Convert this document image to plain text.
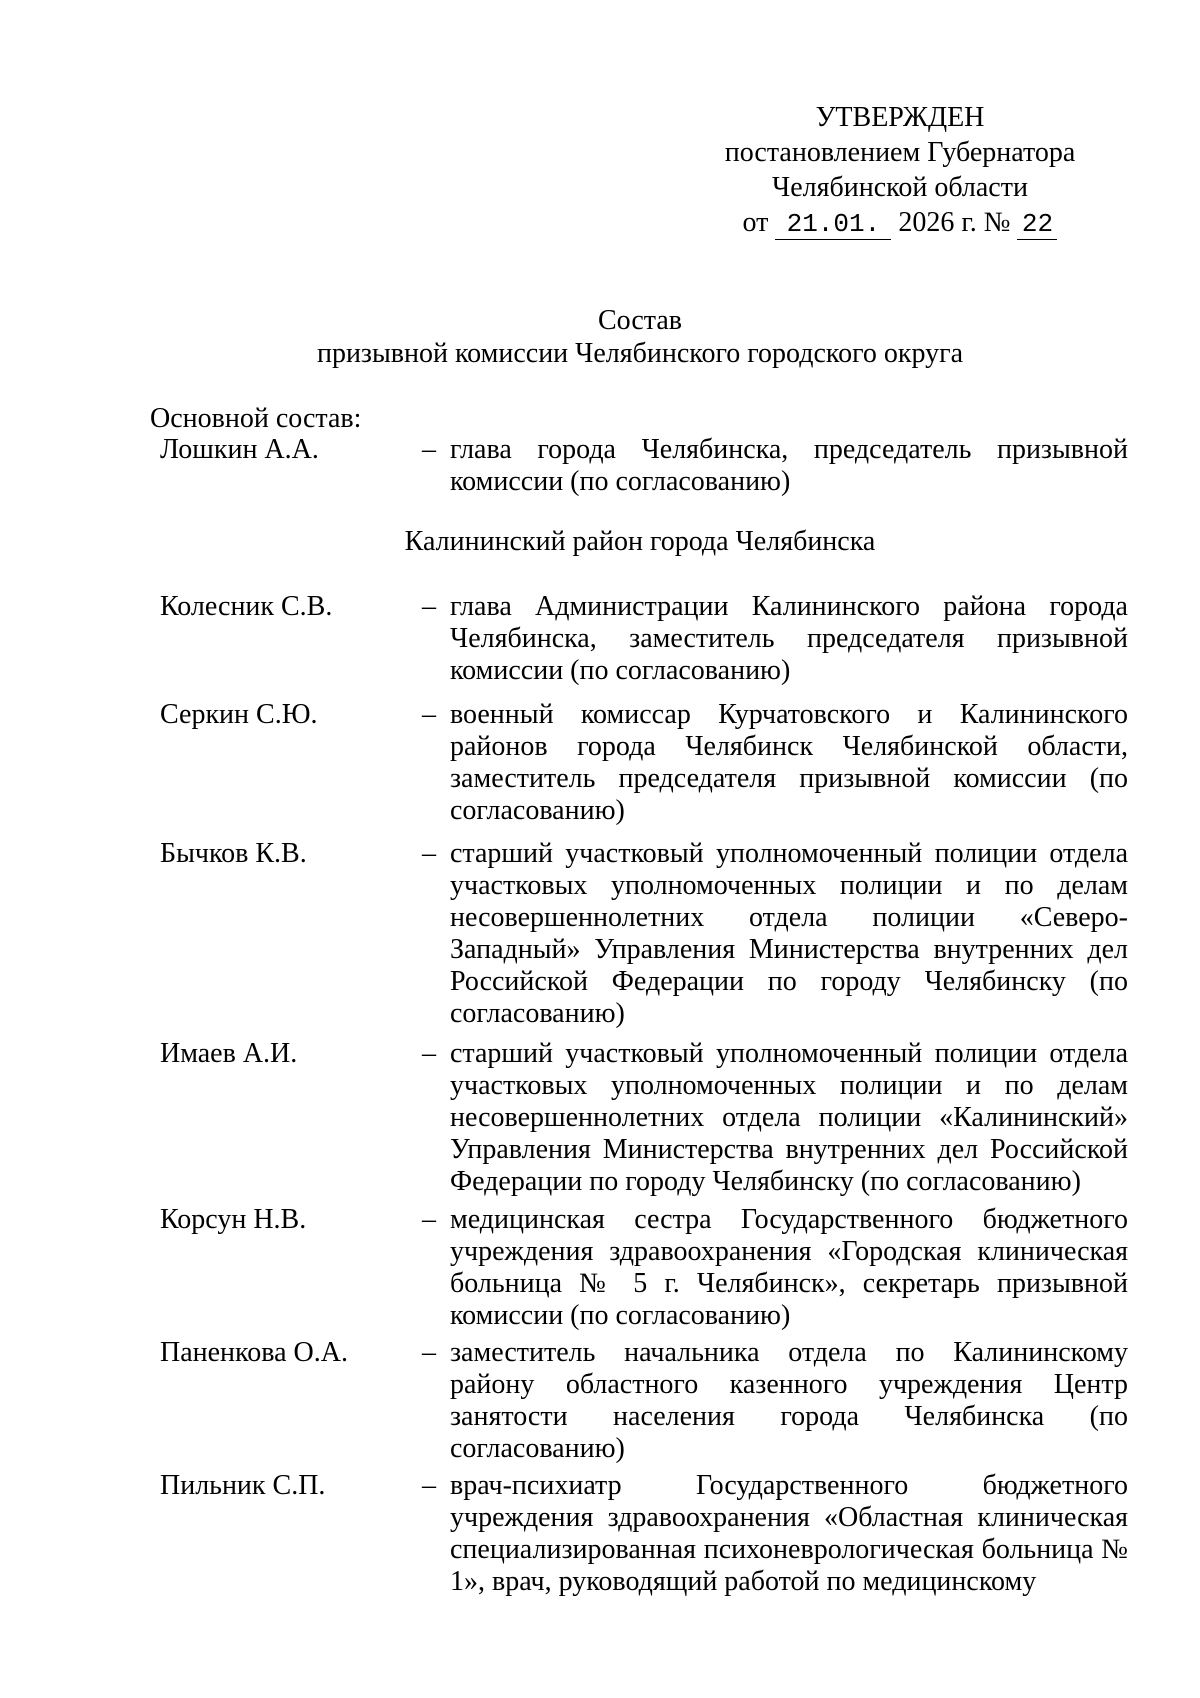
УТВЕРЖДЕН
постановлением Губернатора
Челябинской области
от 21.01. 2026 г. № 22
Состав
призывной комиссии Челябинского городского округа
Основной состав:
Лошкин А.А.	– глава города Челябинска, председатель призывной комиссии (по согласованию)
Калининский район города Челябинска
Колесник С.В.	– глава Администрации Калининского района города Челябинска, заместитель председателя призывной комиссии (по согласованию)
Серкин С.Ю.	– военный комиссар Курчатовского и Калининского районов города Челябинск Челябинской области, заместитель председателя призывной комиссии (по согласованию)
Бычков К.В.	– старший участковый уполномоченный полиции отдела участковых уполномоченных полиции и по делам несовершеннолетних отдела полиции «Северо-Западный» Управления Министерства внутренних дел Российской Федерации по городу Челябинску (по согласованию)
Имаев А.И.	– старший участковый уполномоченный полиции отдела участковых уполномоченных полиции и по делам несовершеннолетних отдела полиции «Калининский» Управления Министерства внутренних дел Российской Федерации по городу Челябинску (по согласованию)
Корсун Н.В.	– медицинская сестра Государственного бюджетного учреждения здравоохранения «Городская клиническая больница № 5 г. Челябинск», секретарь призывной комиссии (по согласованию)
Паненкова О.А.	– заместитель начальника отдела по Калининскому району областного казенного учреждения Центр занятости населения города Челябинска (по согласованию)
Пильник С.П.	– врач-психиатр Государственного бюджетного учреждения здравоохранения «Областная клиническая специализированная психоневрологическая больница № 1», врач, руководящий работой по медицинскому
